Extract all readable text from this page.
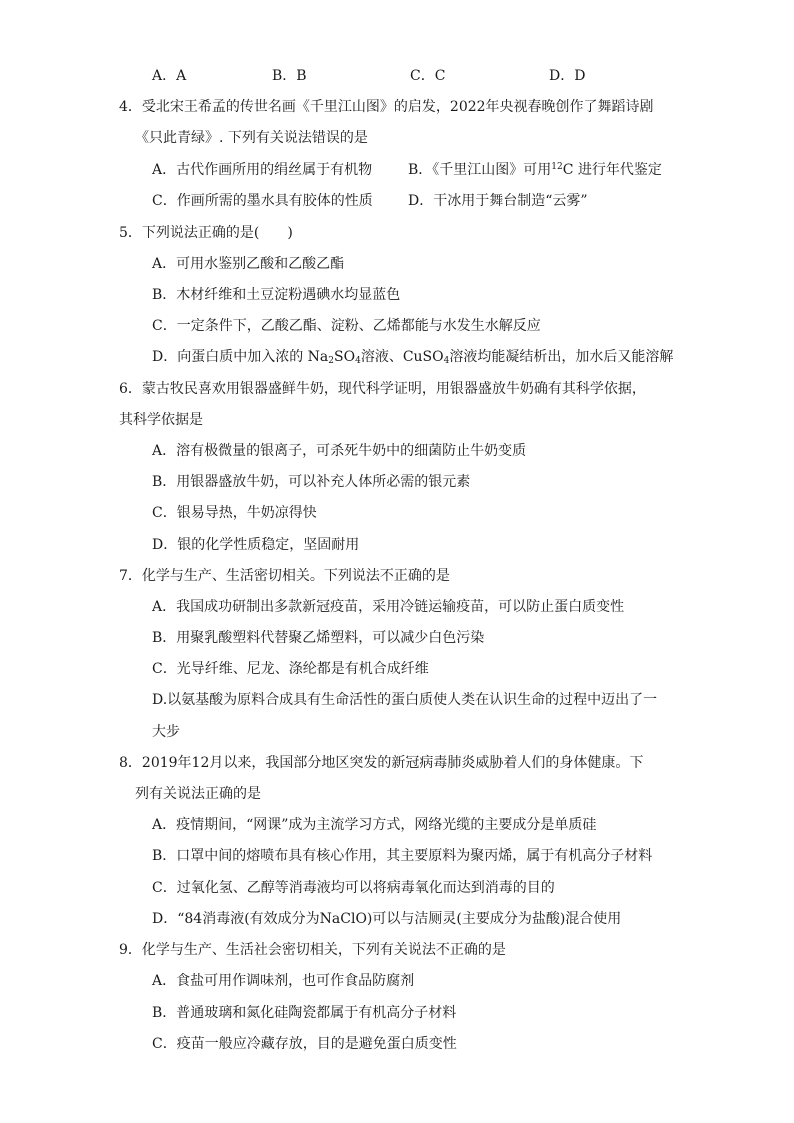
A．A	B．B	C．C	D．D
4．受北宋王希孟的传世名画《千里江山图》的启发，2022年央视春晚创作了舞蹈诗剧
《只此青绿》. 下列有关说法错误的是
A．古代作画所用的绢丝属于有机物	B．《千里江山图》可用$^{12}$C 进行年代鉴定
C．作画所需的墨水具有胶体的性质	D．干冰用于舞台制造“云雾”
5．下列说法正确的是(　　)
A．可用水鉴别乙酸和乙酸乙酯
B．木材纤维和土豆淀粉遇碘水均显蓝色
C．一定条件下，乙酸乙酯、淀粉、乙烯都能与水发生水解反应
D．向蛋白质中加入浓的 $Na_2SO_4$溶液、CuSO$_4$溶液均能凝结析出，加水后又能溶解
6．蒙古牧民喜欢用银器盛鲜牛奶，现代科学证明，用银器盛放牛奶确有其科学依据，
其科学依据是
A．溶有极微量的银离子，可杀死牛奶中的细菌防止牛奶变质
B．用银器盛放牛奶，可以补充人体所必需的银元素
C．银易导热，牛奶凉得快
D．银的化学性质稳定，坚固耐用
7．化学与生产、生活密切相关。下列说法不正确的是
A．我国成功研制出多款新冠疫苗，采用冷链运输疫苗，可以防止蛋白质变性
B．用聚乳酸塑料代替聚乙烯塑料，可以减少白色污染
C．光导纤维、尼龙、涤纶都是有机合成纤维
D.以氨基酸为原料合成具有生命活性的蛋白质使人类在认识生命的过程中迈出了一
大步
8．2019年12月以来，我国部分地区突发的新冠病毒肺炎威胁着人们的身体健康。下
列有关说法正确的是
A．疫情期间，“网课”成为主流学习方式，网络光缆的主要成分是单质硅
B．口罩中间的熔喷布具有核心作用，其主要原料为聚丙烯，属于有机高分子材料
C．过氧化氢、乙醇等消毒液均可以将病毒氧化而达到消毒的目的
D．“84消毒液(有效成分为NaClO)可以与洁厕灵(主要成分为盐酸)混合使用
9．化学与生产、生活社会密切相关，下列有关说法不正确的是
A．食盐可用作调味剂，也可作食品防腐剂
B．普通玻璃和氮化硅陶瓷都属于有机高分子材料
C．疫苗一般应冷藏存放，目的是避免蛋白质变性
